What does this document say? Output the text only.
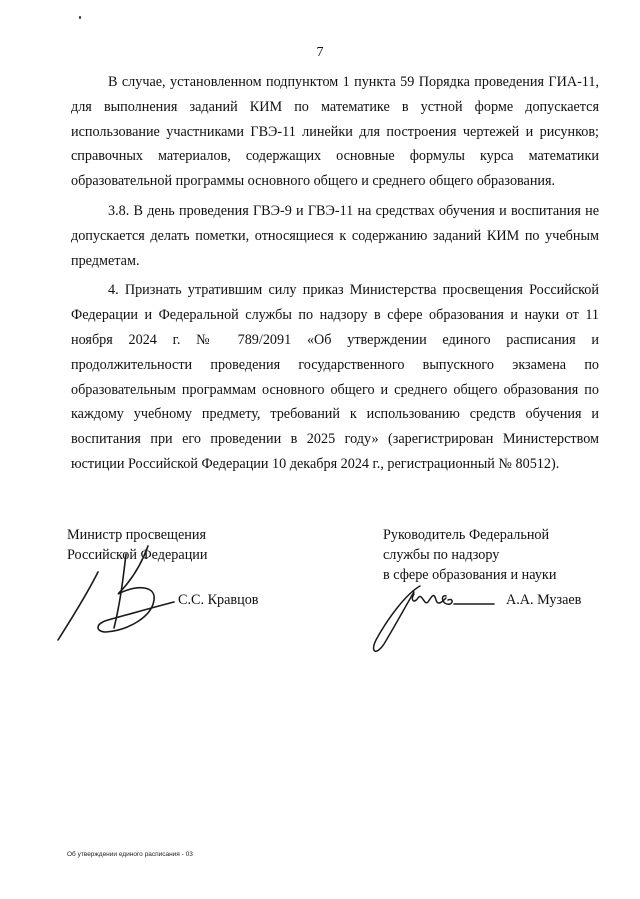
7

В случае, установленном подпунктом 1 пункта 59 Порядка проведения ГИА-11, для выполнения заданий КИМ по математике в устной форме допускается использование участниками ГВЭ-11 линейки для построения чертежей и рисунков; справочных материалов, содержащих основные формулы курса математики образовательной программы основного общего и среднего общего образования.

3.8. В день проведения ГВЭ-9 и ГВЭ-11 на средствах обучения и воспитания не допускается делать пометки, относящиеся к содержанию заданий КИМ по учебным предметам.

4. Признать утратившим силу приказ Министерства просвещения Российской Федерации и Федеральной службы по надзору в сфере образования и науки от 11 ноября 2024 г. № 789/2091 «Об утверждении единого расписания и продолжительности проведения государственного выпускного экзамена по образовательным программам основного общего и среднего общего образования по каждому учебному предмету, требований к использованию средств обучения и воспитания при его проведении в 2025 году» (зарегистрирован Министерством юстиции Российской Федерации 10 декабря 2024 г., регистрационный № 80512).

Министр просвещения
Российской Федерации
С.С. Кравцов
Руководитель Федеральной
службы по надзору
в сфере образования и науки
А.А. Музаев
Об утверждении единого расписания - 03
